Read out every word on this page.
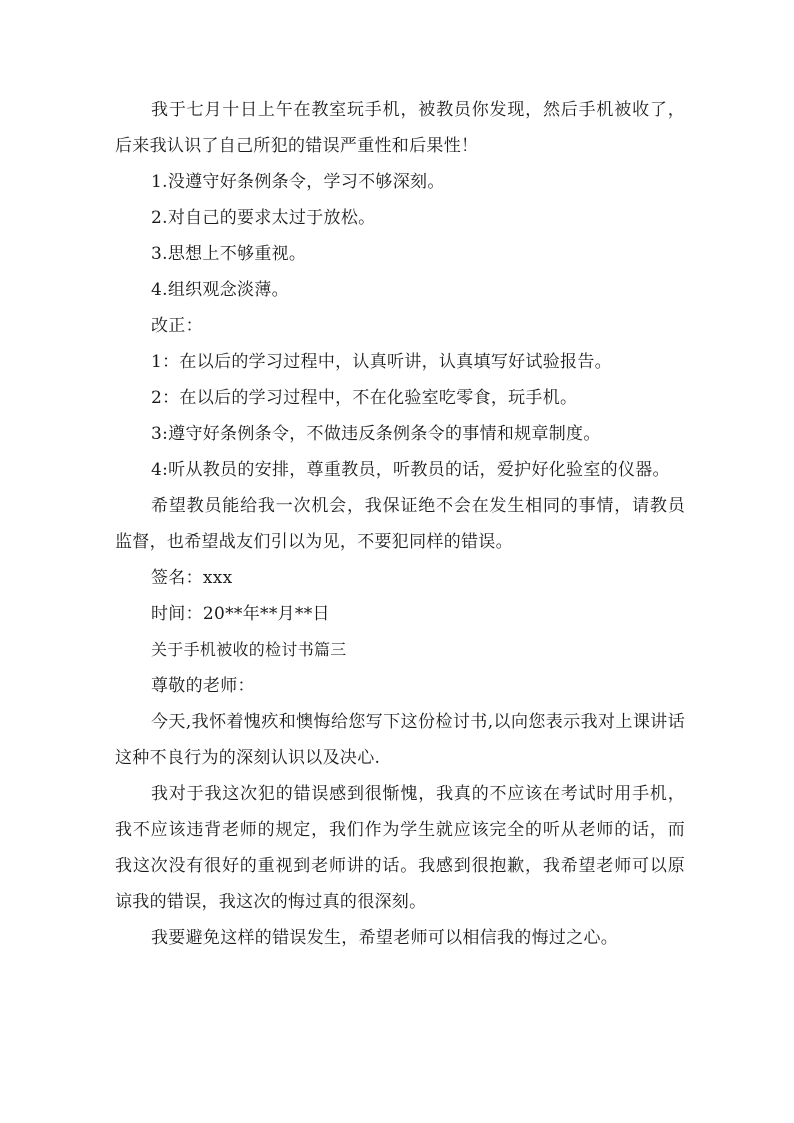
我于七月十日上午在教室玩手机，被教员你发现，然后手机被收了，后来我认识了自己所犯的错误严重性和后果性！

1.没遵守好条例条令，学习不够深刻。

2.对自己的要求太过于放松。

3.思想上不够重视。

4.组织观念淡薄。

改正：

1：在以后的学习过程中，认真听讲，认真填写好试验报告。

2：在以后的学习过程中，不在化验室吃零食，玩手机。

3:遵守好条例条令，不做违反条例条令的事情和规章制度。

4:听从教员的安排，尊重教员，听教员的话，爱护好化验室的仪器。

希望教员能给我一次机会，我保证绝不会在发生相同的事情，请教员监督，也希望战友们引以为见，不要犯同样的错误。

签名：xxx

时间：20**年**月**日

关于手机被收的检讨书篇三

尊敬的老师：

今天,我怀着愧疚和懊悔给您写下这份检讨书,以向您表示我对上课讲话这种不良行为的深刻认识以及决心.

我对于我这次犯的错误感到很惭愧，我真的不应该在考试时用手机，我不应该违背老师的规定，我们作为学生就应该完全的听从老师的话，而我这次没有很好的重视到老师讲的话。我感到很抱歉，我希望老师可以原谅我的错误，我这次的悔过真的很深刻。

我要避免这样的错误发生，希望老师可以相信我的悔过之心。
